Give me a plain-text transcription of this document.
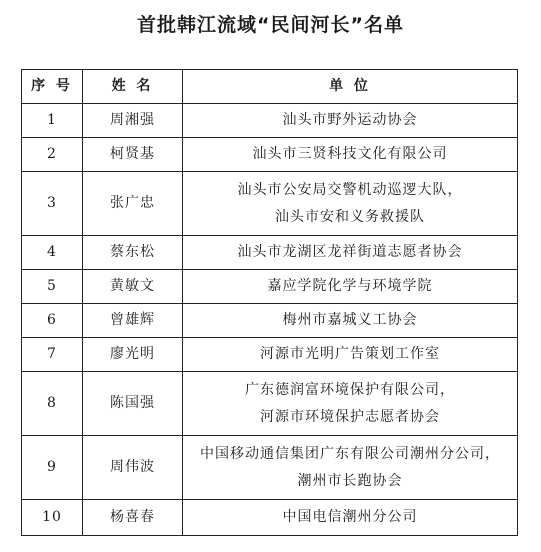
首批韩江流域“民间河长”名单
序 号	姓 名	单 位
1	周湘强	汕头市野外运动协会

2	柯贤基	汕头市三贤科技文化有限公司

3	张广忠	汕头市公安局交警机动巡逻大队，
汕头市安和义务救援队

4	蔡东松	汕头市龙湖区龙祥街道志愿者协会

5	黄敏文	嘉应学院化学与环境学院

6	曾雄辉	梅州市嘉城义工协会

7	廖光明	河源市光明广告策划工作室

8	陈国强	广东德润富环境保护有限公司，
河源市环境保护志愿者协会

9	周伟波	中国移动通信集团广东有限公司潮州分公司，
潮州市长跑协会

10	杨喜春	中国电信潮州分公司
